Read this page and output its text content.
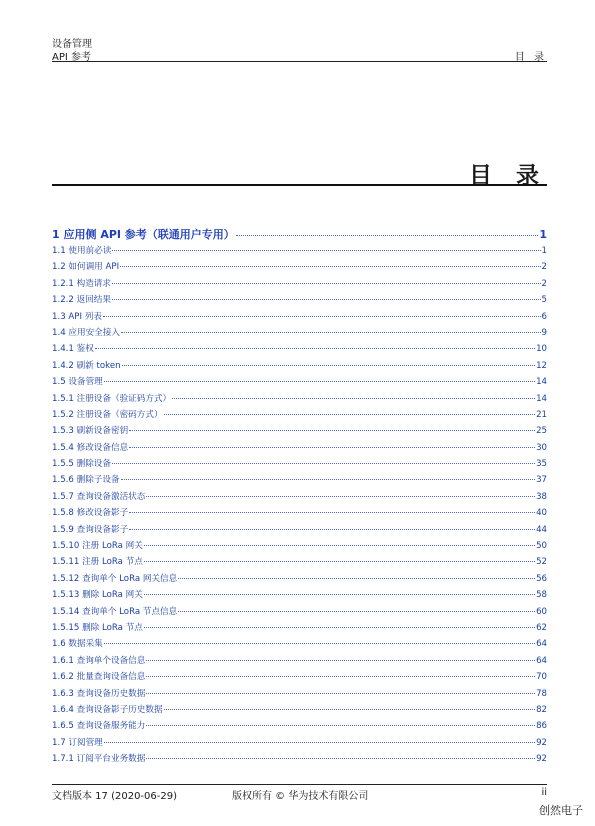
设备管理
API 参考	目 录
目 录
1 应用侧 API 参考（联通用户专用）	1
1.1 使用前必读	1
1.2 如何调用 API	2
1.2.1 构造请求	2
1.2.2 返回结果	5
1.3 API 列表	6
1.4 应用安全接入	9
1.4.1 鉴权	10
1.4.2 刷新 token	12
1.5 设备管理	14
1.5.1 注册设备（验证码方式）	14
1.5.2 注册设备（密码方式）	21
1.5.3 刷新设备密钥	25
1.5.4 修改设备信息	30
1.5.5 删除设备	35
1.5.6 删除子设备	37
1.5.7 查询设备激活状态	38
1.5.8 修改设备影子	40
1.5.9 查询设备影子	44
1.5.10 注册 LoRa 网关	50
1.5.11 注册 LoRa 节点	52
1.5.12 查询单个 LoRa 网关信息	56
1.5.13 删除 LoRa 网关	58
1.5.14 查询单个 LoRa 节点信息	60
1.5.15 删除 LoRa 节点	62
1.6 数据采集	64
1.6.1 查询单个设备信息	64
1.6.2 批量查询设备信息	70
1.6.3 查询设备历史数据	78
1.6.4 查询设备影子历史数据	82
1.6.5 查询设备服务能力	86
1.7 订阅管理	92
1.7.1 订阅平台业务数据	92
文档版本 17 (2020-06-29)	版权所有 © 华为技术有限公司	ii
创然电子
